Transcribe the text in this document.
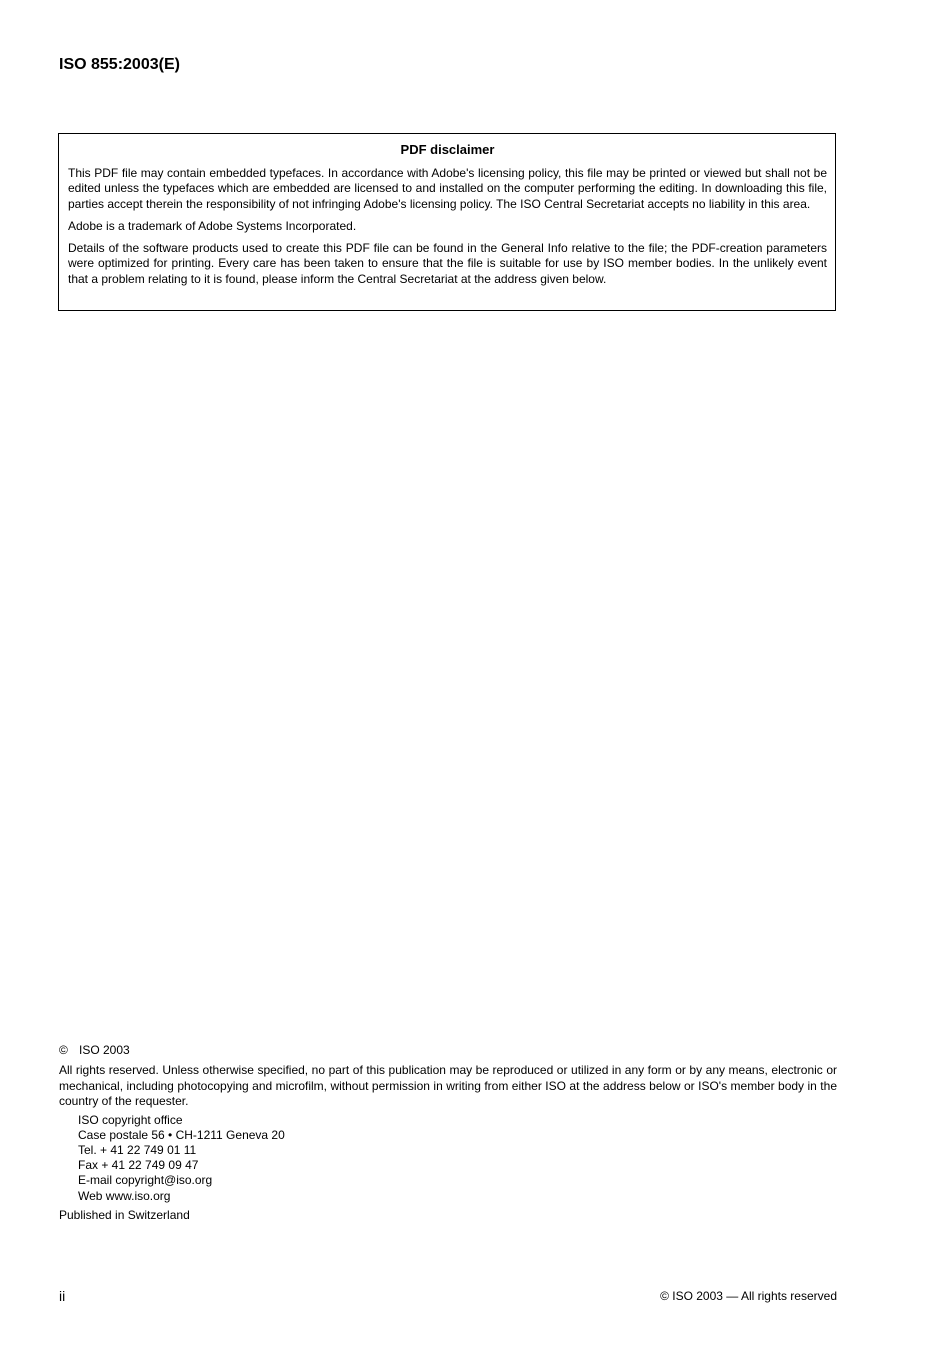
ISO 855:2003(E)

PDF disclaimer

This PDF file may contain embedded typefaces. In accordance with Adobe's licensing policy, this file may be printed or viewed but shall not be edited unless the typefaces which are embedded are licensed to and installed on the computer performing the editing. In downloading this file, parties accept therein the responsibility of not infringing Adobe's licensing policy. The ISO Central Secretariat accepts no liability in this area.

Adobe is a trademark of Adobe Systems Incorporated.

Details of the software products used to create this PDF file can be found in the General Info relative to the file; the PDF-creation parameters were optimized for printing. Every care has been taken to ensure that the file is suitable for use by ISO member bodies. In the unlikely event that a problem relating to it is found, please inform the Central Secretariat at the address given below.

© ISO 2003

All rights reserved. Unless otherwise specified, no part of this publication may be reproduced or utilized in any form or by any means, electronic or mechanical, including photocopying and microfilm, without permission in writing from either ISO at the address below or ISO's member body in the country of the requester.

ISO copyright office
Case postale 56 • CH-1211 Geneva 20
Tel. + 41 22 749 01 11
Fax + 41 22 749 09 47
E-mail copyright@iso.org
Web www.iso.org

Published in Switzerland

ii	© ISO 2003 — All rights reserved
